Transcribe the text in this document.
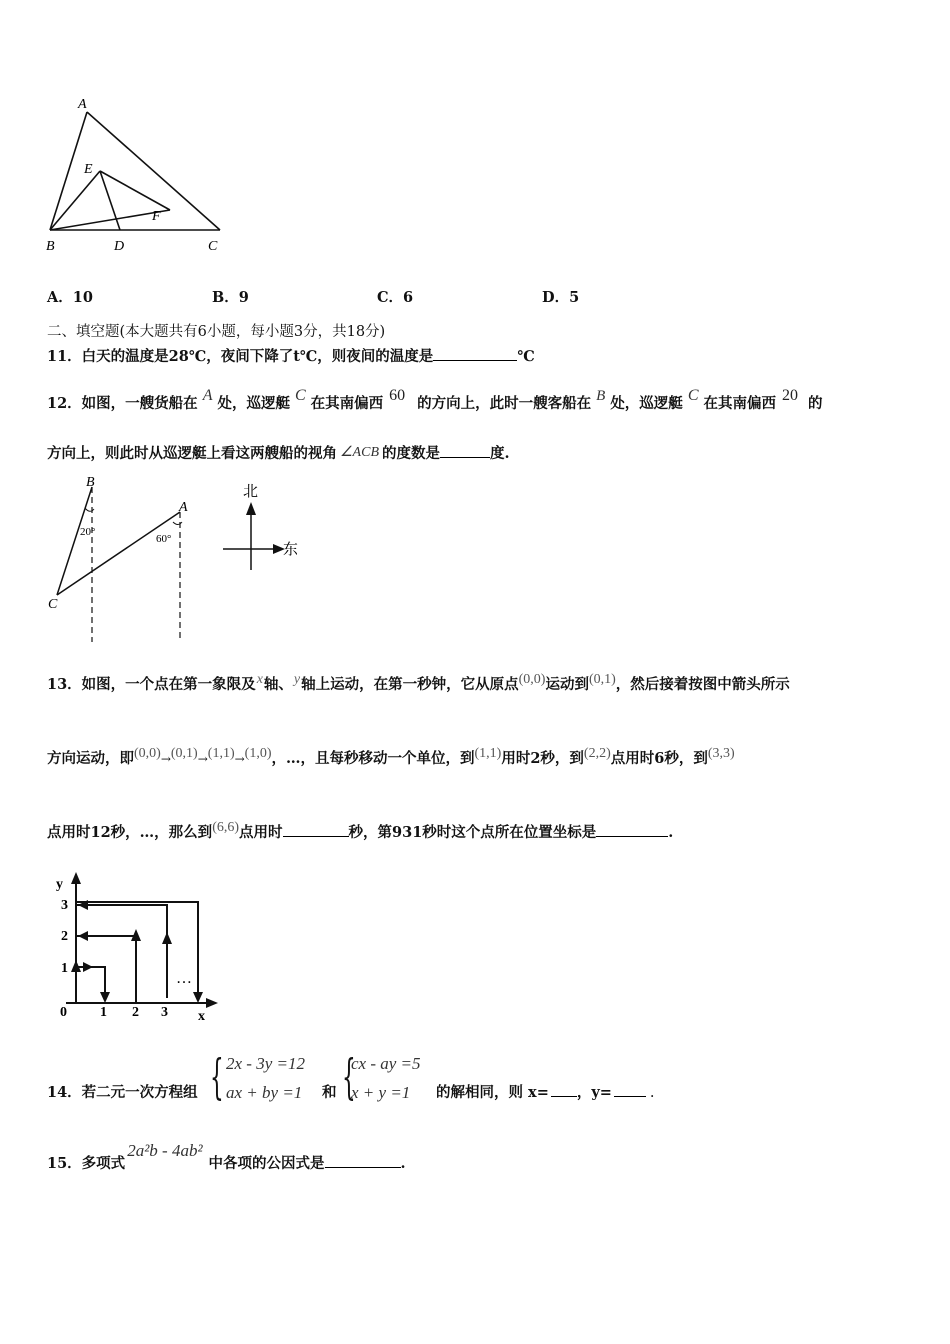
A
E
F
B	D	C
A．10	B．9	C．6	D．5
二、填空题(本大题共有6小题，每小题3分，共18分)
11．白天的温度是28℃，夜间下降了t℃，则夜间的温度是	℃
12．如图，一艘货船在 A 处，巡逻艇 C 在其南偏西 60 的方向上，此时一艘客船在 B 处，巡逻艇 C 在其南偏西 20 的
方向上，则此时从巡逻艇上看这两艘船的视角 ∠ACB 的度数是	度.
B
A
C
20°
60°
北
东
13．如图，一个点在第一象限及x轴、y轴上运动，在第一秒钟，它从原点(0,0)运动到(0,1)，然后接着按图中箭头所示
方向运动，即(0,0)→(0,1)→(1,1)→(1,0)，…，且每秒移动一个单位，到(1,1)用时2秒，到(2,2)点用时6秒，到(3,3)
点用时12秒，…，那么到(6,6)点用时	秒，第931秒时这个点所在位置坐标是	.
y
x
0 1 2 3
1
2
3
…
14．若二元一次方程组 { 2x - 3y =12
ax + by =1 和 {
cx - ay =5
x + y =1 的解相同，则 x= ，y=	.
15．多项式2a²b - 4ab²中各项的公因式是	.
